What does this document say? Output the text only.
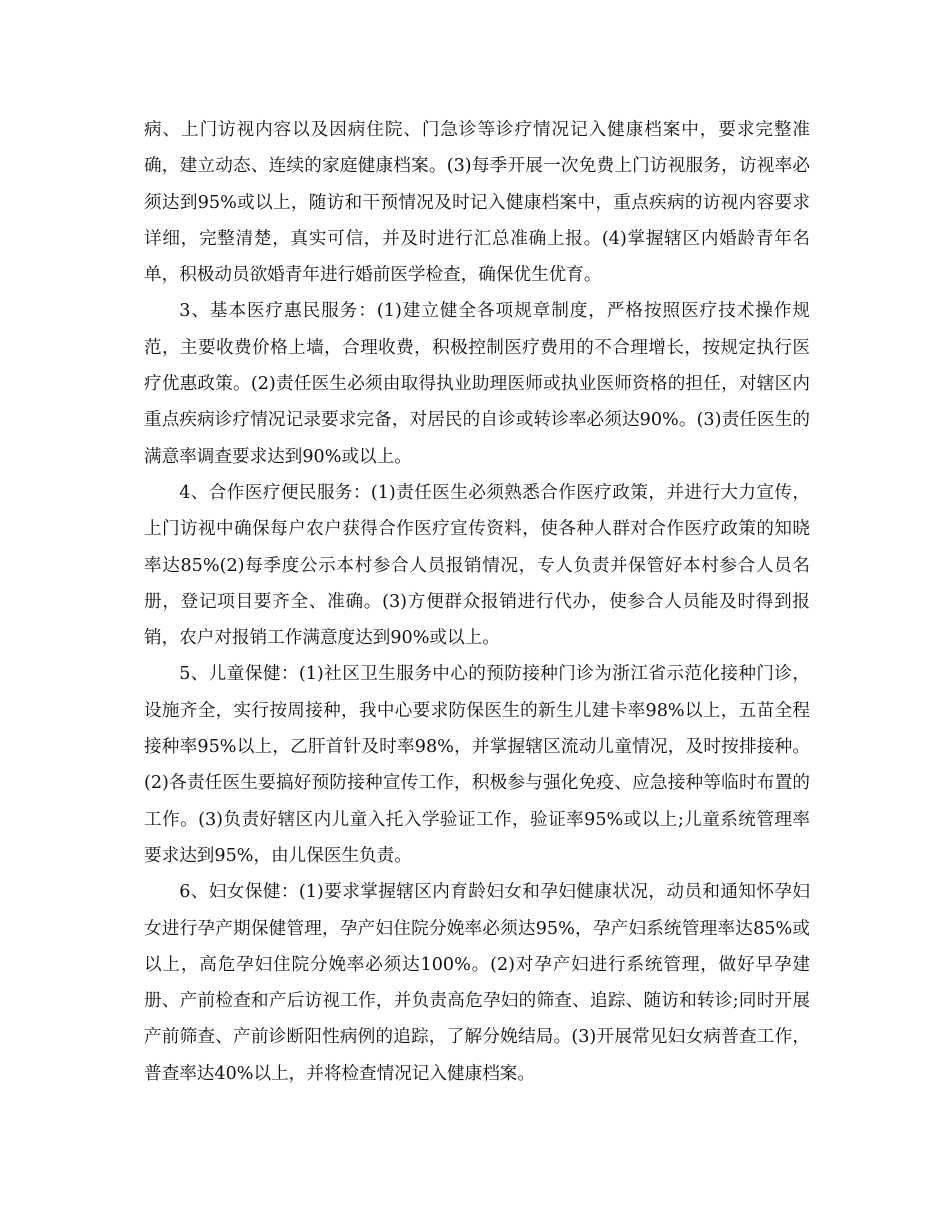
病、上门访视内容以及因病住院、门急诊等诊疗情况记入健康档案中，要求完整准确，建立动态、连续的家庭健康档案。(3)每季开展一次免费上门访视服务，访视率必须达到95%或以上，随访和干预情况及时记入健康档案中，重点疾病的访视内容要求详细，完整清楚，真实可信，并及时进行汇总准确上报。(4)掌握辖区内婚龄青年名单，积极动员欲婚青年进行婚前医学检查，确保优生优育。

3、基本医疗惠民服务：(1)建立健全各项规章制度，严格按照医疗技术操作规范，主要收费价格上墙，合理收费，积极控制医疗费用的不合理增长，按规定执行医疗优惠政策。(2)责任医生必须由取得执业助理医师或执业医师资格的担任，对辖区内重点疾病诊疗情况记录要求完备，对居民的自诊或转诊率必须达90%。(3)责任医生的满意率调查要求达到90%或以上。

4、合作医疗便民服务：(1)责任医生必须熟悉合作医疗政策，并进行大力宣传，上门访视中确保每户农户获得合作医疗宣传资料，使各种人群对合作医疗政策的知晓率达85%(2)每季度公示本村参合人员报销情况，专人负责并保管好本村参合人员名册，登记项目要齐全、准确。(3)方便群众报销进行代办，使参合人员能及时得到报销，农户对报销工作满意度达到90%或以上。

5、儿童保健：(1)社区卫生服务中心的预防接种门诊为浙江省示范化接种门诊，设施齐全，实行按周接种，我中心要求防保医生的新生儿建卡率98%以上，五苗全程接种率95%以上，乙肝首针及时率98%，并掌握辖区流动儿童情况，及时按排接种。(2)各责任医生要搞好预防接种宣传工作，积极参与强化免疫、应急接种等临时布置的工作。(3)负责好辖区内儿童入托入学验证工作，验证率95%或以上;儿童系统管理率要求达到95%，由儿保医生负责。

6、妇女保健：(1)要求掌握辖区内育龄妇女和孕妇健康状况，动员和通知怀孕妇女进行孕产期保健管理，孕产妇住院分娩率必须达95%，孕产妇系统管理率达85%或以上，高危孕妇住院分娩率必须达100%。(2)对孕产妇进行系统管理，做好早孕建册、产前检查和产后访视工作，并负责高危孕妇的筛查、追踪、随访和转诊;同时开展产前筛查、产前诊断阳性病例的追踪，了解分娩结局。(3)开展常见妇女病普查工作，普查率达40%以上，并将检查情况记入健康档案。
